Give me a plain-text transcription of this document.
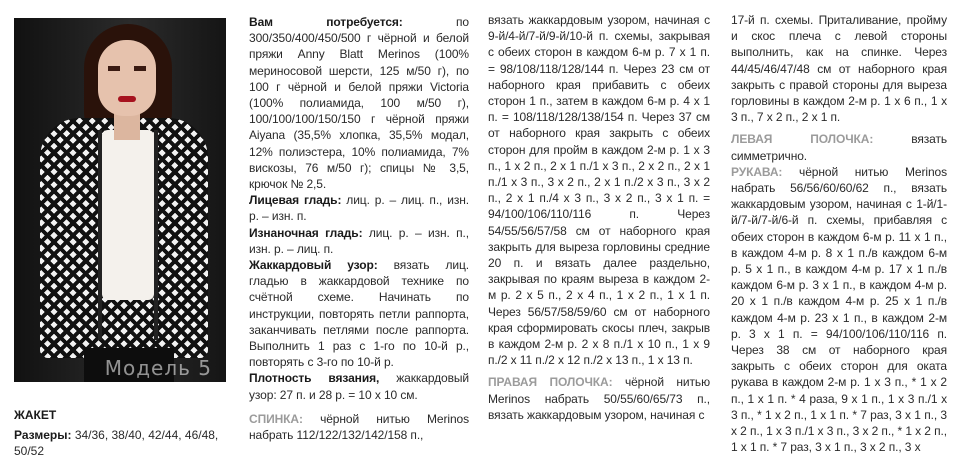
Модель 5
ЖАКЕТ
Размеры: 34/36, 38/40, 42/44, 46/48, 50/52

Вам потребуется:	по 300/350/400/450/500 г чёрной и белой пряжи Anny Blatt Merinos (100% мериносовой шерсти, 125 м/50 г), по 100 г чёрной и белой пряжи Victoria (100% полиамида, 100 м/50 г), 100/100/100/150/150 г чёрной пряжи Aiyana (35,5% хлопка, 35,5% модал, 12% полиэстера, 10% полиамида, 7% вискозы, 76 м/50 г); спицы № 3,5, крючок № 2,5.

Лицевая гладь: лиц. р. – лиц. п., изн. р. – изн. п.

Изнаночная гладь: лиц. р. – изн. п., изн. р. – лиц. п.

Жаккардовый узор: вязать лиц. гладью в жаккардовой технике по счётной схеме. Начинать по инструкции, повторять петли раппорта, заканчивать петлями после раппорта. Выполнить 1 раз с 1-го по 10-й р., повторять с 3-го по 10-й р.

Плотность вязания, жаккардовый узор: 27 п. и 28 р. = 10 х 10 см.

СПИНКА: чёрной нитью Merinos набрать 112/122/132/142/158 п.,

вязать жаккардовым узором, начиная с 9-й/4-й/7-й/9-й/10-й п. схемы, закрывая с обеих сторон в каждом 6-м р. 7 х 1 п. = 98/108/118/128/144 п. Через 23 см от наборного края прибавить с обеих сторон 1 п., затем в каждом 6-м р. 4 х 1 п. = 108/118/128/138/154 п. Через 37 см от наборного края закрыть с обеих сторон для пройм в каждом 2-м р. 1 х 3 п., 1 х 2 п., 2 х 1 п./1 х 3 п., 2 х 2 п., 2 х 1 п./1 х 3 п., 3 х 2 п., 2 х 1 п./2 х 3 п., 3 х 2 п., 2 х 1 п./4 х 3 п., 3 х 2 п., 3 х 1 п. = 94/100/106/110/116 п. Через 54/55/56/57/58 см от наборного края закрыть для выреза горловины средние 20 п. и вязать далее раздельно, закрывая по краям выреза в каждом 2-м р. 2 х 5 п., 2 х 4 п., 1 х 2 п., 1 х 1 п. Через 56/57/58/59/60 см от наборного края сформировать скосы плеч, закрыв в каждом 2-м р. 2 х 8 п./1 х 10 п., 1 х 9 п./2 х 11 п./2 х 12 п./2 х 13 п., 1 х 13 п.

ПРАВАЯ ПОЛОЧКА: чёрной нитью Merinos набрать 50/55/60/65/73 п., вязать жаккардовым узором, начиная с

17-й п. схемы. Приталивание, пройму и скос плеча с левой стороны выполнить, как на спинке. Через 44/45/46/47/48 см от наборного края закрыть с правой стороны для выреза горловины в каждом 2-м р. 1 х 6 п., 1 х 3 п., 7 х 2 п., 2 х 1 п.

ЛЕВАЯ ПОЛОЧКА:	вязать симметрично.

РУКАВА: чёрной нитью Merinos набрать 56/56/60/60/62 п., вязать жаккардовым узором, начиная с 1-й/1-й/7-й/7-й/6-й п. схемы, прибавляя с обеих сторон в каждом 6-м р. 11 х 1 п., в каждом 4-м р. 8 х 1 п./в каждом 6-м р. 5 х 1 п., в каждом 4-м р. 17 х 1 п./в каждом 6-м р. 3 х 1 п., в каждом 4-м р. 20 х 1 п./в каждом 4-м р. 25 х 1 п./в каждом 4-м р. 23 х 1 п., в каждом 2-м р. 3 х 1 п. = 94/100/106/110/116 п. Через 38 см от наборного края закрыть с обеих сторон для оката рукава в каждом 2-м р. 1 х 3 п., * 1 х 2 п., 1 х 1 п. * 4 раза, 9 х 1 п., 1 х 3 п./1 х 3 п., * 1 х 2 п., 1 х 1 п. * 7 раз, 3 х 1 п., 3 х 2 п., 1 х 3 п./1 х 3 п., 3 х 2 п., * 1 х 2 п., 1 х 1 п. * 7 раз, 3 х 1 п., 3 х 2 п., 3 х
